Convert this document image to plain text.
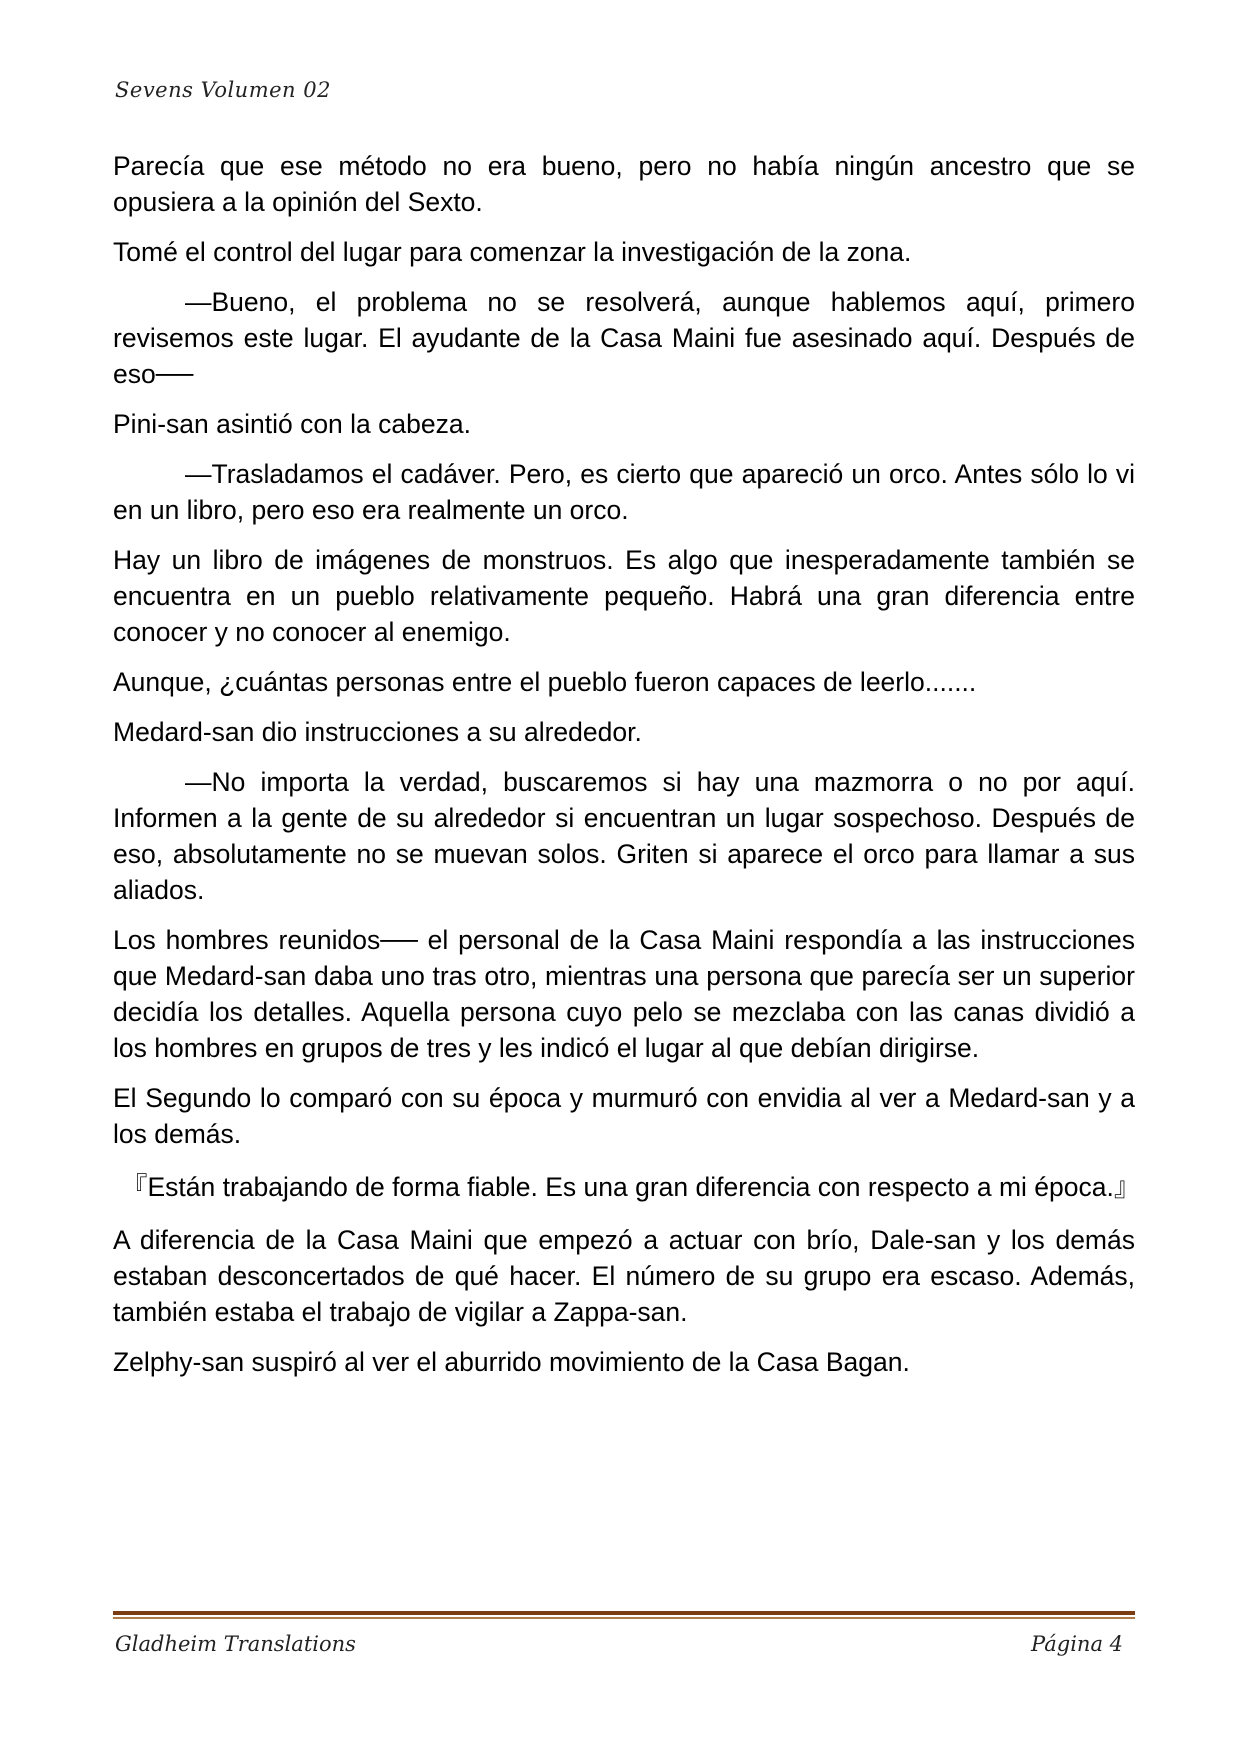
Sevens Volumen 02

Parecía que ese método no era bueno, pero no había ningún ancestro que se opusiera a la opinión del Sexto.

Tomé el control del lugar para comenzar la investigación de la zona.

—Bueno, el problema no se resolverá, aunque hablemos aquí, primero revisemos este lugar. El ayudante de la Casa Maini fue asesinado aquí. Después de eso──

Pini-san asintió con la cabeza.

—Trasladamos el cadáver. Pero, es cierto que apareció un orco. Antes sólo lo vi en un libro, pero eso era realmente un orco.

Hay un libro de imágenes de monstruos. Es algo que inesperadamente también se encuentra en un pueblo relativamente pequeño. Habrá una gran diferencia entre conocer y no conocer al enemigo.

Aunque, ¿cuántas personas entre el pueblo fueron capaces de leerlo.......

Medard-san dio instrucciones a su alrededor.

—No importa la verdad, buscaremos si hay una mazmorra o no por aquí. Informen a la gente de su alrededor si encuentran un lugar sospechoso. Después de eso, absolutamente no se muevan solos. Griten si aparece el orco para llamar a sus aliados.

Los hombres reunidos── el personal de la Casa Maini respondía a las instrucciones que Medard-san daba uno tras otro, mientras una persona que parecía ser un superior decidía los detalles. Aquella persona cuyo pelo se mezclaba con las canas dividió a los hombres en grupos de tres y les indicó el lugar al que debían dirigirse.

El Segundo lo comparó con su época y murmuró con envidia al ver a Medard-san y a los demás.

『Están trabajando de forma fiable. Es una gran diferencia con respecto a mi época.』

A diferencia de la Casa Maini que empezó a actuar con brío, Dale-san y los demás estaban desconcertados de qué hacer. El número de su grupo era escaso. Además, también estaba el trabajo de vigilar a Zappa-san.

Zelphy-san suspiró al ver el aburrido movimiento de la Casa Bagan.

Gladheim Translations	Página 4
